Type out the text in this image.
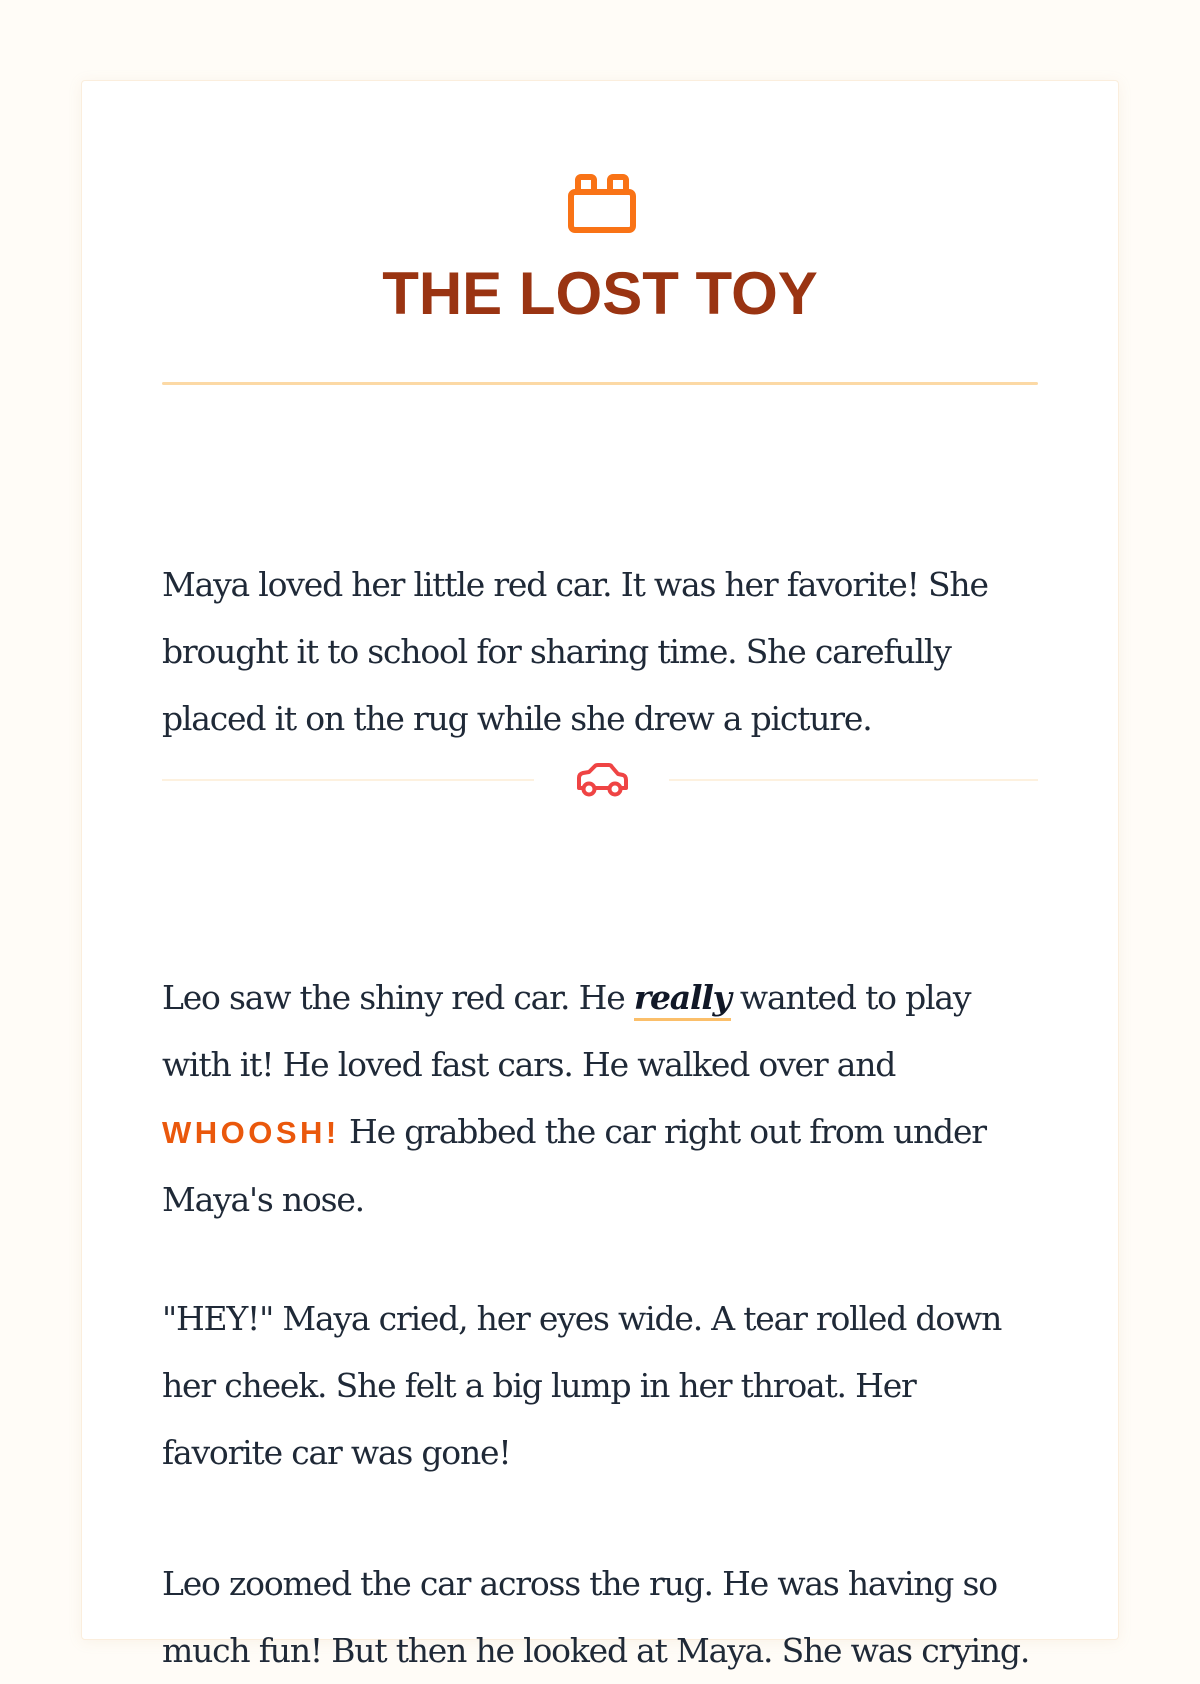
THE LOST TOY

Maya loved her little red car. It was her favorite! She brought it to school for sharing time. She carefully placed it on the rug while she drew a picture.

Leo saw the shiny red car. He really wanted to play with it! He loved fast cars. He walked over and WHOOSH! He grabbed the car right out from under Maya's nose.

"HEY!" Maya cried, her eyes wide. A tear rolled down her cheek. She felt a big lump in her throat. Her favorite car was gone!

Leo zoomed the car across the rug. He was having so much fun! But then he looked at Maya. She was crying.
